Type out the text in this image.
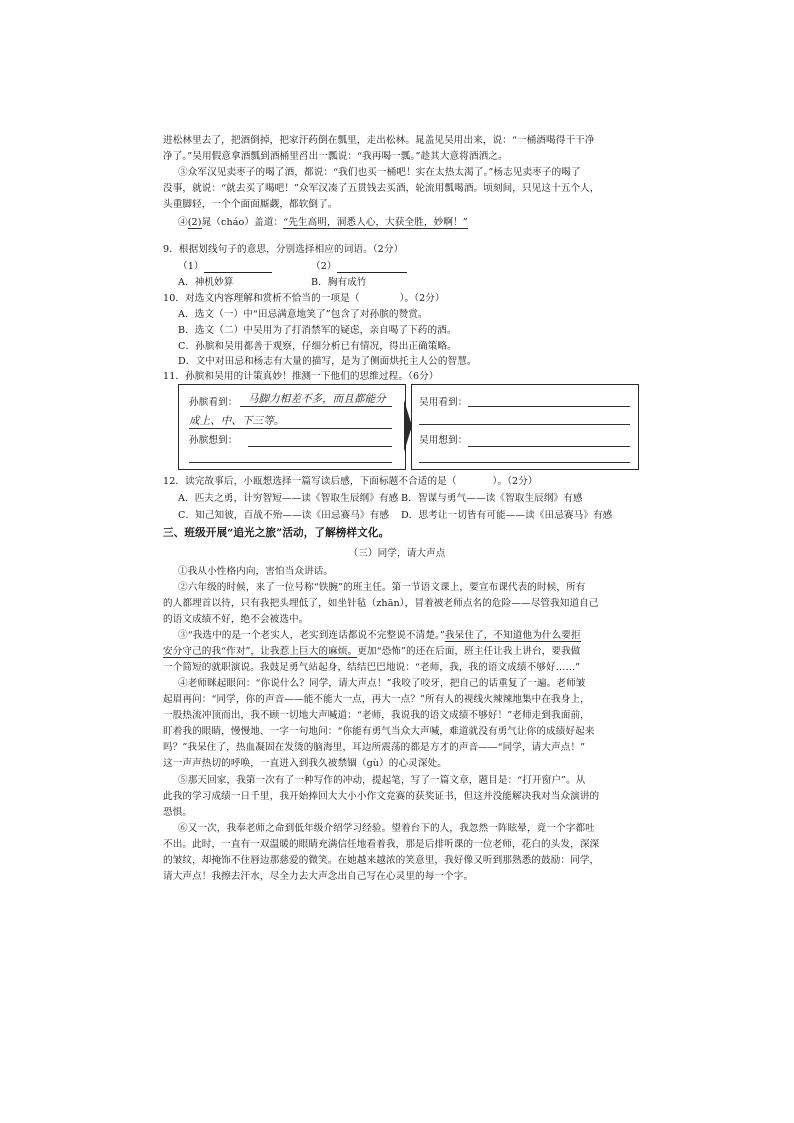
进松林里去了，把酒倒掉，把家汗药倒在瓢里，走出松林。晁盖见吴用出来，说：“一桶酒喝得干干净
净了。”吴用假意拿酒瓢到酒桶里舀出一瓢说：“我再喝一瓢。”趁其大意将酒洒之。
③众军汉见卖枣子的喝了酒，都说：“我们也买一桶吧！实在太热太渴了。”杨志见卖枣子的喝了
没事，就说：“就去买了喝吧！”众军汉凑了五贯钱去买酒，轮流用瓢喝酒。顷刻间，只见这十五个人，
头重脚轻，一个个面面厮觑，都软倒了。
④(2)晁（cháo）盖道：“先生高明，洞悉人心，大获全胜，妙啊！”
9．根据划线句子的意思，分别选择相应的词语。（2分）
（1）	（2）
A．神机妙算	B．胸有成竹
10．对选文内容理解和赏析不恰当的一项是（	）。（2分）
A．选文（一）中“田忌满意地笑了”包含了对孙膑的赞赏。
B．选文（二）中吴用为了打消禁军的疑虑，亲自喝了下药的酒。
C．孙膑和吴用都善于观察，仔细分析已有情况，得出正确策略。
D．文中对田忌和杨志有大量的描写，是为了侧面烘托主人公的智慧。
11．孙膑和吴用的计策真妙！推测一下他们的思维过程。（6分）
孙膑看到： 马脚力相差不多，而且都能分
成上、中、下三等。
孙膑想到：
吴用看到：
吴用想到：
12．读完故事后，小瓯想选择一篇写读后感，下面标题不合适的是（	）。（2分）
A．匹夫之勇，计穷智短——读《智取生辰纲》有感 B．智谋与勇气——读《智取生辰纲》有感
C．知己知彼，百战不殆——读《田忌赛马》有感 D．思考让一切皆有可能——读《田忌赛马》有感
三、班级开展“追光之旅”活动，了解榜样文化。
（三）同学，请大声点
①我从小性格内向，害怕当众讲话。
②六年级的时候，来了一位号称“铁腕”的班主任。第一节语文课上，要宣布课代表的时候，所有
的人都埋首以待，只有我把头埋低了，如坐针毡（zhān），冒着被老师点名的危险——尽管我知道自己
的语文成绩不好，绝不会被选中。
③“我选中的是一个老实人，老实到连话都说不完整说不清楚。”我呆住了，不知道他为什么要拒
安分守己的我“作对”，让我惹上巨大的麻烦。更加“恐怖”的还在后面，班主任让我上讲台，要我做
一个简短的就职演说。我鼓足勇气站起身，结结巴巴地说：“老师，我，我的语文成绩不够好……”
④老师眯起眼问：“你说什么？同学，请大声点！”我咬了咬牙，把自己的话重复了一遍。老师皱
起眉再问：“同学，你的声音——能不能大一点，再大一点？”所有人的视线火辣辣地集中在我身上，
一股热流冲顶而出，我不顾一切地大声喊道：“老师，我说我的语文成绩不够好！”老师走到我面前，
盯着我的眼睛，慢慢地、一字一句地问：“你能有勇气当众大声喊，难道就没有勇气让你的成绩好起来
吗？”我呆住了，热血凝固在发烫的脑海里，耳边所震荡的都是方才的声音——“同学，请大声点！”
这一声声热切的呼唤，一直进入到我久被禁锢（gù）的心灵深处。
⑤那天回家，我第一次有了一种写作的冲动，提起笔，写了一篇文章，题目是：“打开窗户”。从
此我的学习成绩一日千里，我开始捧回大大小小作文竞赛的获奖证书，但这并没能解决我对当众演讲的
恐惧。
⑥又一次，我奉老师之命到低年级介绍学习经验。望着台下的人，我忽然一阵眩晕，竟一个字都吐
不出。此时，一直有一双温暖的眼睛充满信任地看着我，那是后排听课的一位老师，花白的头发，深深
的皱纹，却掩饰不住唇边那慈爱的微笑。在她越来越浓的笑意里，我好像又听到那熟悉的鼓励：同学，
请大声点！我擦去汗水，尽全力去大声念出自己写在心灵里的每一个字。
